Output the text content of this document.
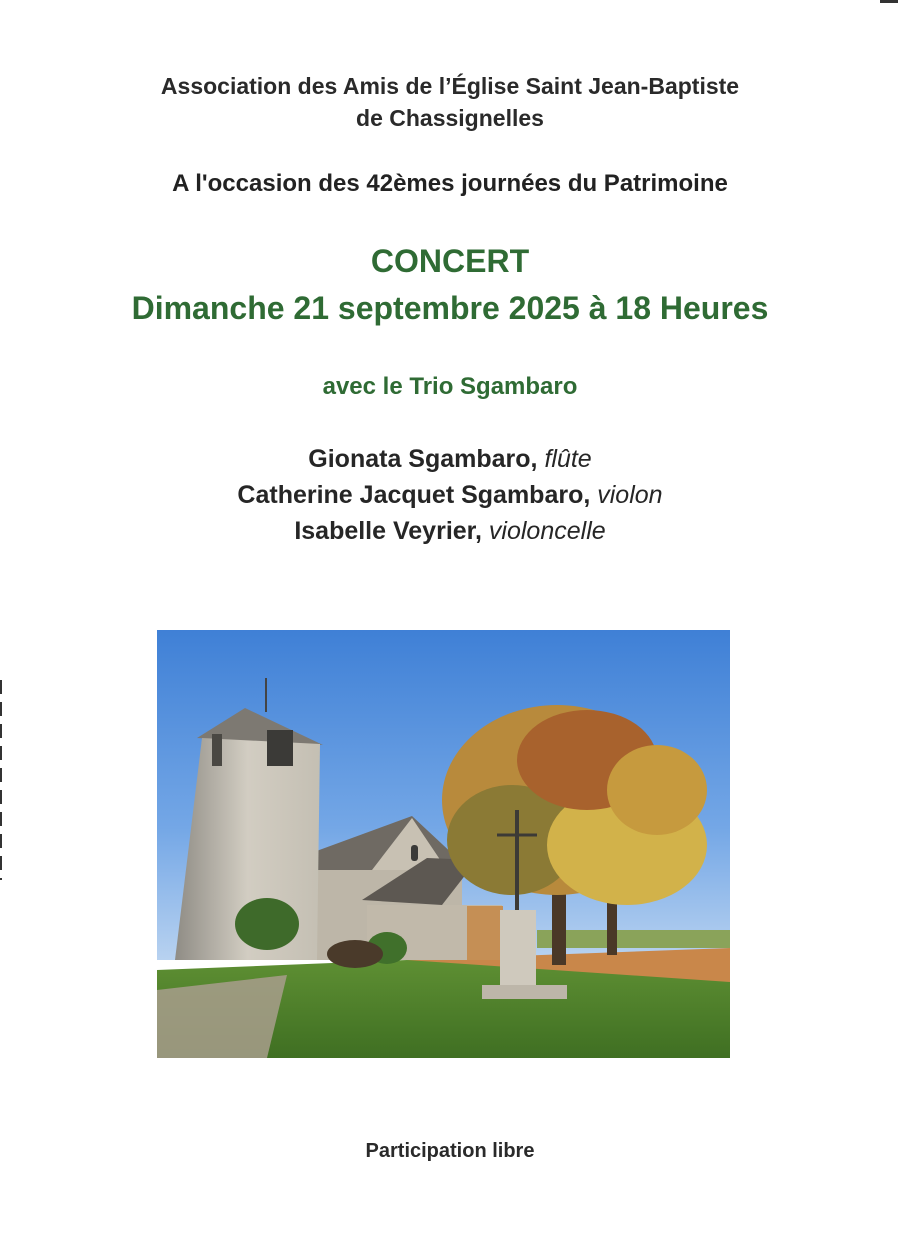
Association des Amis de l’Église Saint Jean-Baptiste
de Chassignelles
A l'occasion des 42èmes journées du Patrimoine
CONCERT
Dimanche 21 septembre 2025 à 18 Heures
avec le Trio Sgambaro
Gionata Sgambaro, flûte
Catherine Jacquet Sgambaro, violon
Isabelle Veyrier, violoncelle
Participation libre
